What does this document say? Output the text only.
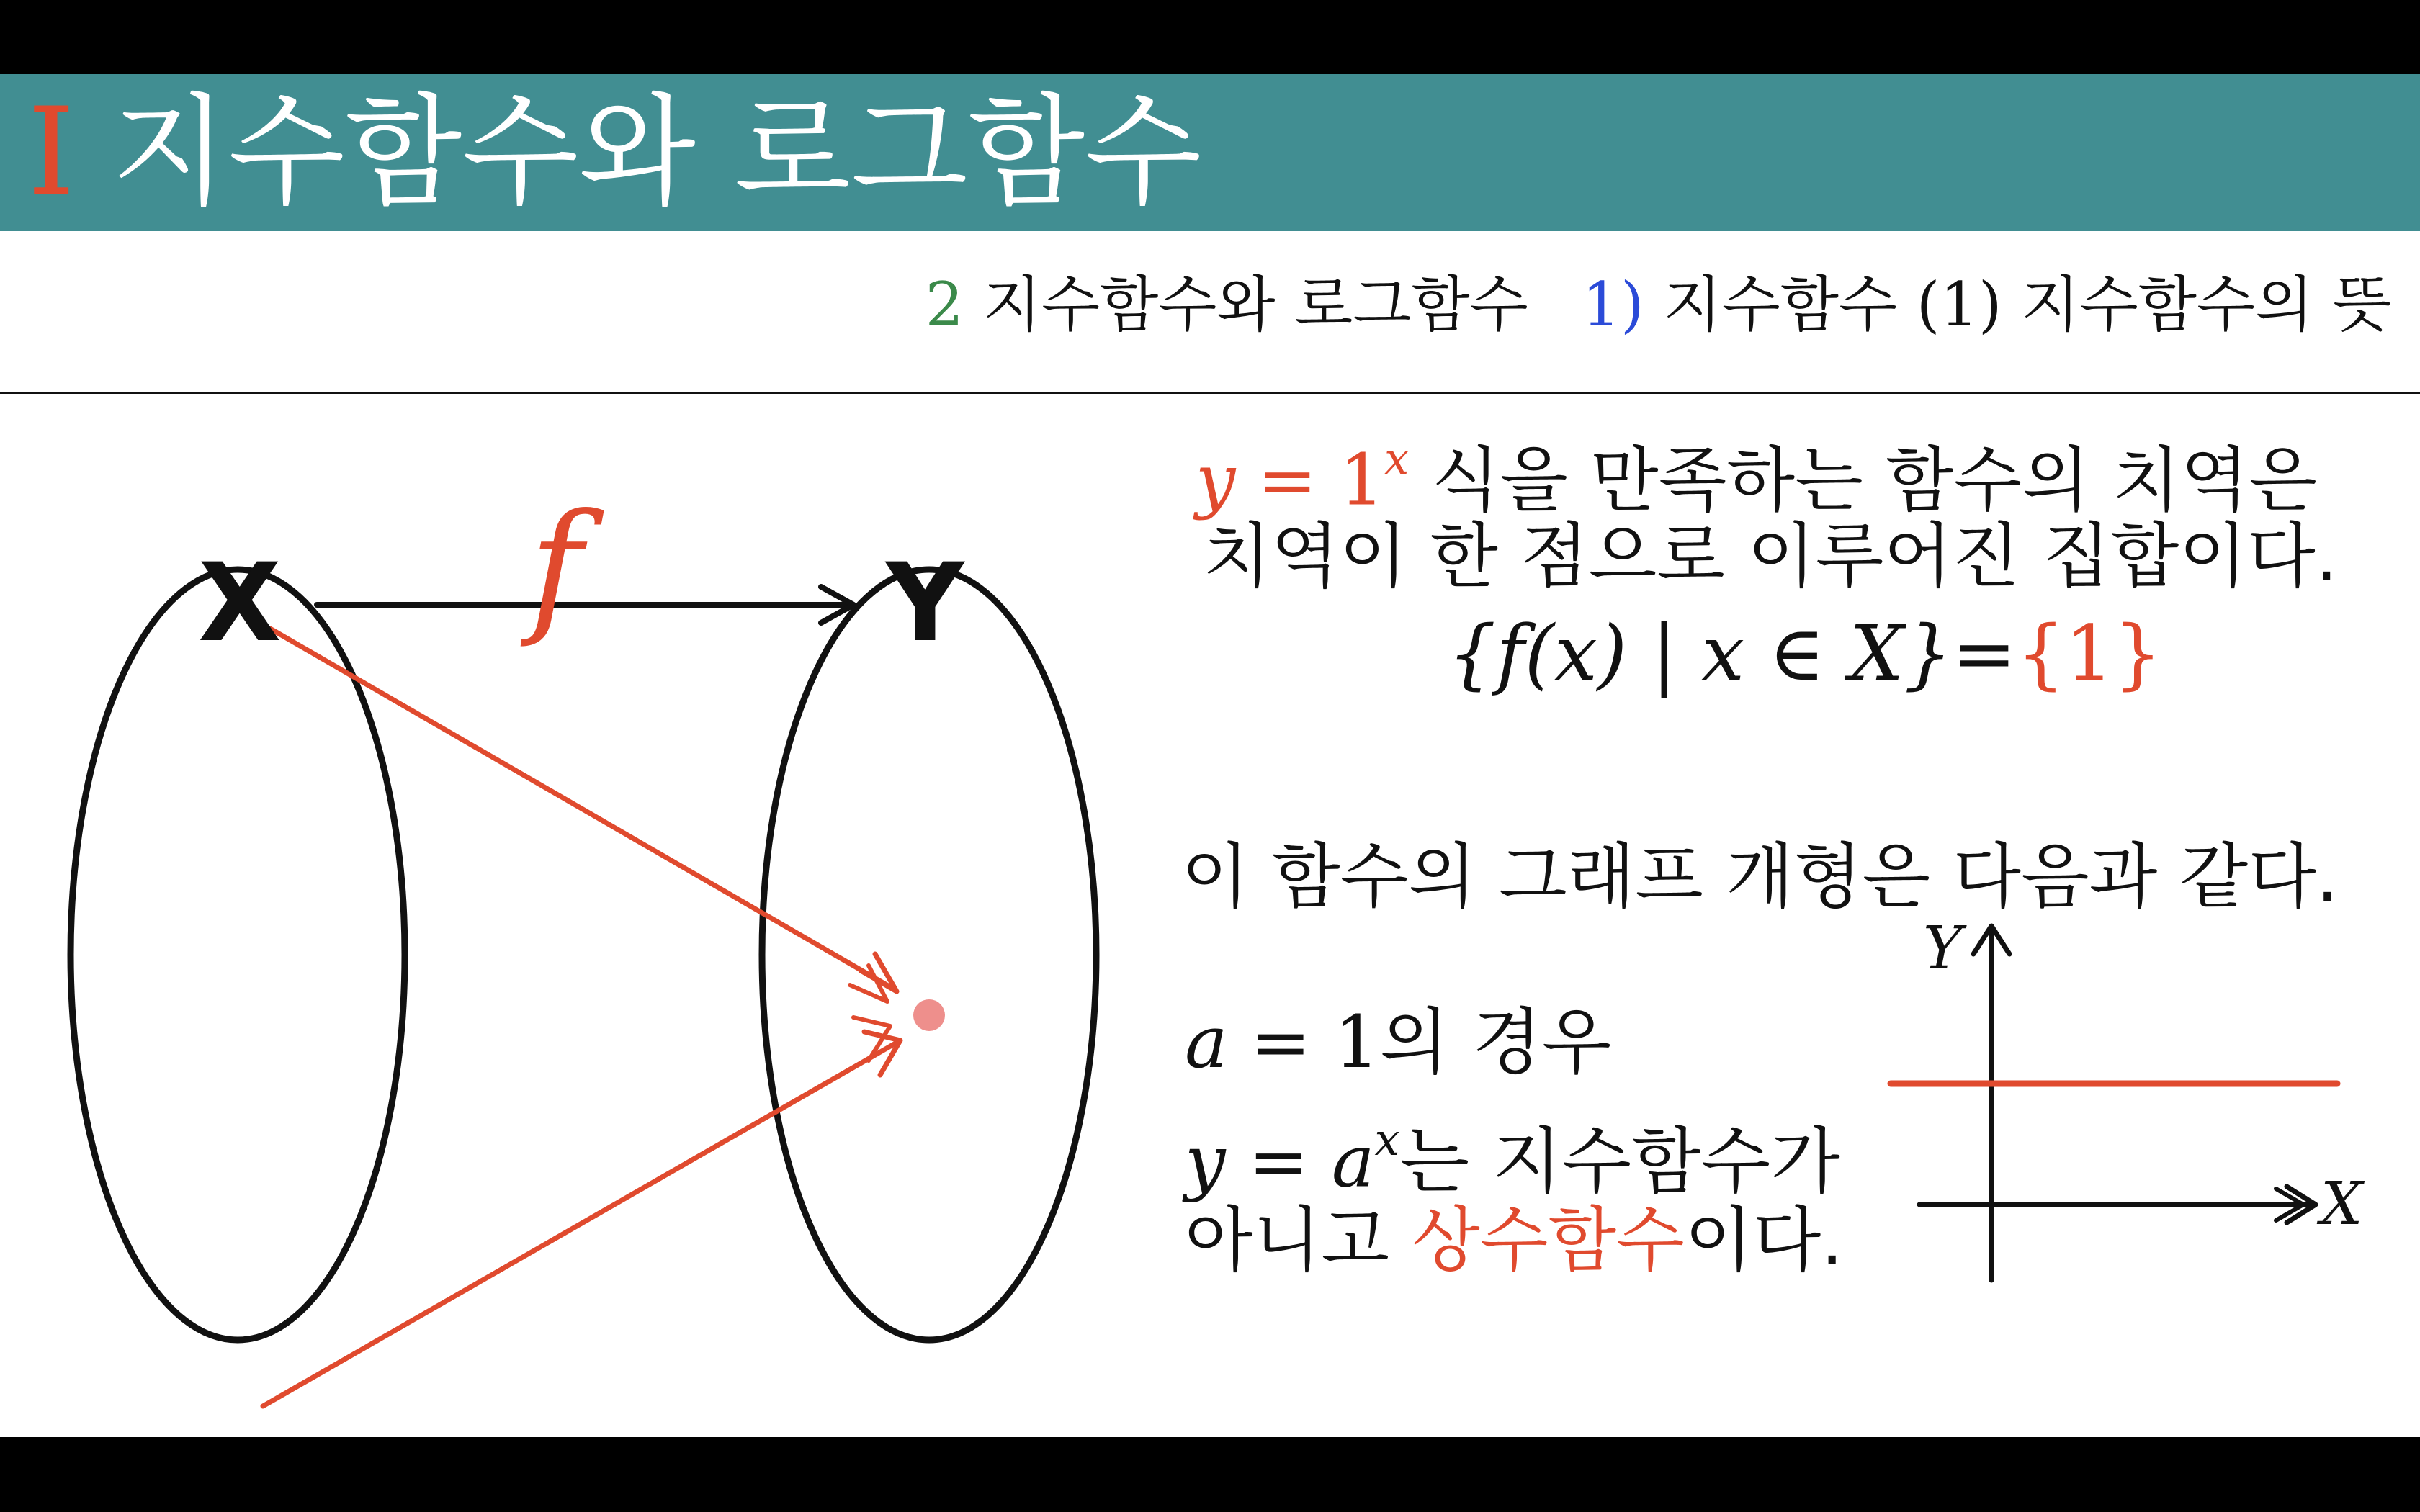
I 지수함수와 로그함수
2 지수함수와 로그함수 1) 지수함수 (1) 지수함수의 뜻
X	Y
f
Y
X
$y = 1^x$ 식을 만족하는 함수의 치역은
치역이 한 점으로 이루어진 집합이다.
{f(x) | x ∈ X}={1}
이 함수의 그래프 개형은 다음과 같다.
a = 1의 경우
$y = a^x$는 지수함수가
아니고 상수함수이다.
